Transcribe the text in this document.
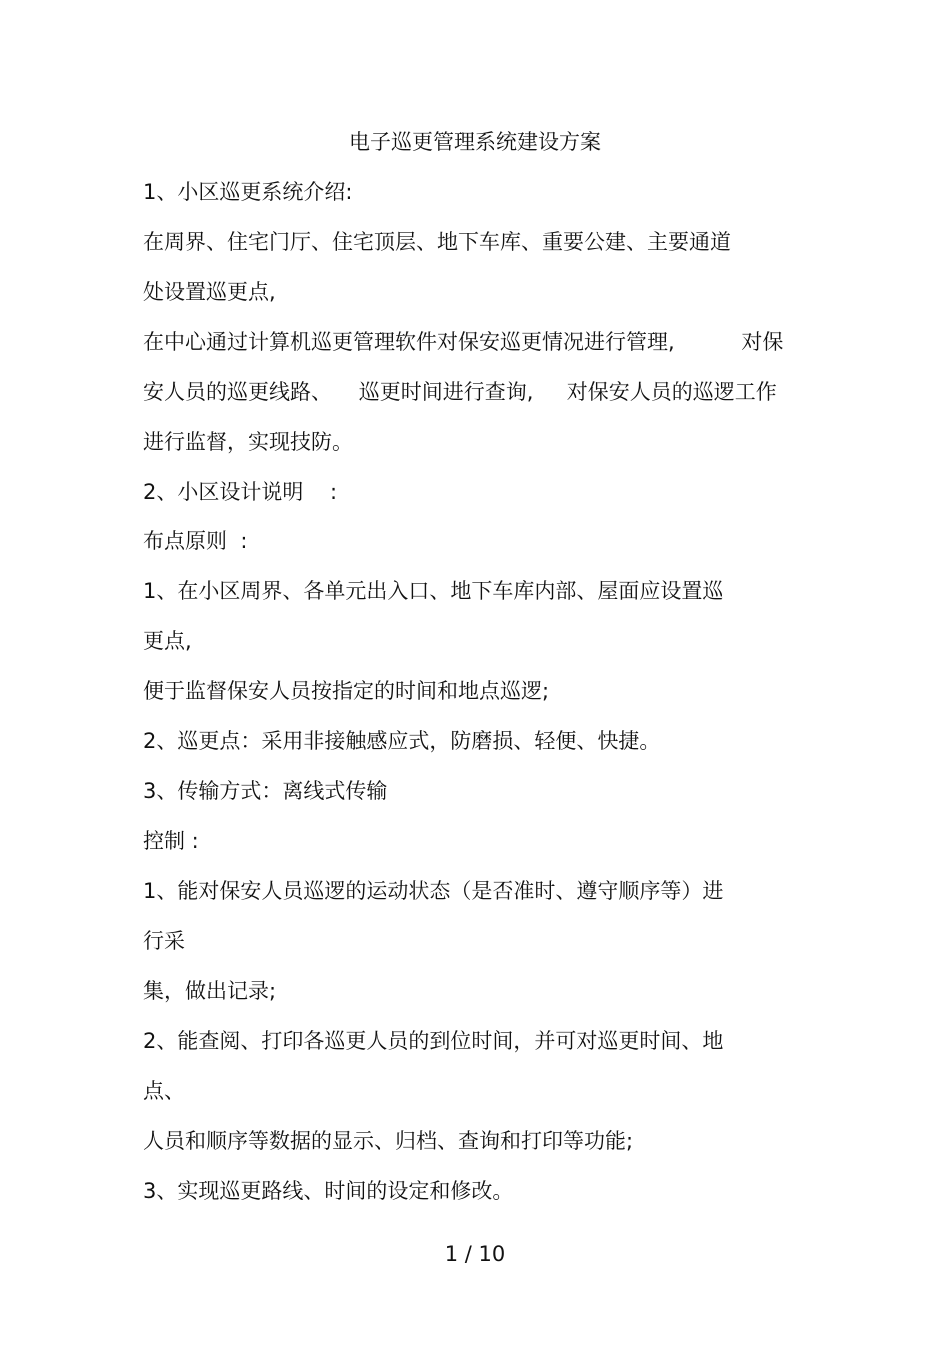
电子巡更管理系统建设方案
1、小区巡更系统介绍:
在周界、住宅门厅、住宅顶层、地下车库、重要公建、主要通道
处设置巡更点,
在中心通过计算机巡更管理软件对保安巡更情况进行管理,          对保
安人员的巡更线路、    巡更时间进行查询,     对保安人员的巡逻工作
进行监督，实现技防。
2、小区设计说明    :
布点原则  :
1、在小区周界、各单元出入口、地下车库内部、屋面应设置巡
更点,
便于监督保安人员按指定的时间和地点巡逻;
2、巡更点：采用非接触感应式，防磨损、轻便、快捷。
3、传输方式：离线式传输
控制 :
1、能对保安人员巡逻的运动状态（是否准时、遵守顺序等）进
行采
集，做出记录;
2、能查阅、打印各巡更人员的到位时间，并可对巡更时间、地
点、
人员和顺序等数据的显示、归档、查询和打印等功能;
3、实现巡更路线、时间的设定和修改。
1 / 10
